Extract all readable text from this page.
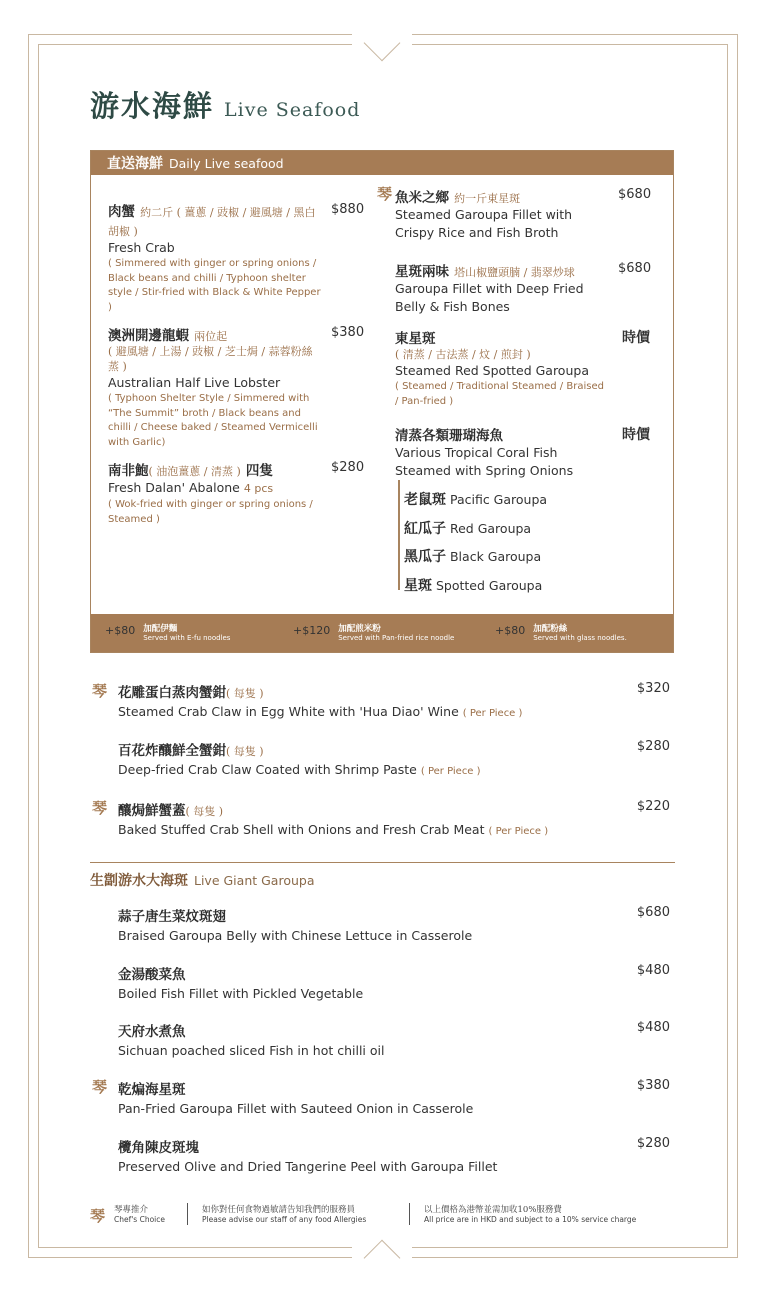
游水海鮮 Live Seafood
直送海鮮 Daily Live seafood
+$80 加配伊麵
Served with E-fu noodles
+$120 加配煎米粉
Served with Pan-fried rice noodle
+$80 加配粉絲
Served with glass noodles.
肉蟹 約二斤 ( 薑蔥 / 豉椒 / 避風塘 / 黑白胡椒 )
Fresh Crab
( Simmered with ginger or spring onions / Black beans and chilli / Typhoon shelter style / Stir-fried with Black & White Pepper )
$880
澳洲開邊龍蝦 兩位起
( 避風塘 / 上湯 / 豉椒 / 芝士焗 / 蒜蓉粉絲蒸 )
Australian Half Live Lobster
( Typhoon Shelter Style / Simmered with “The Summit” broth / Black beans and chilli / Cheese baked / Steamed Vermicelli with Garlic)
$380
南非鮑( 油泡薑蔥 / 清蒸 ) 四隻
Fresh Dalan' Abalone 4 pcs
( Wok-fried with ginger or spring onions / Steamed )
$280
琴 魚米之鄉 約一斤東星斑
Steamed Garoupa Fillet with Crispy Rice and Fish Broth
$680
星斑兩味 塔山椒鹽頭腩 / 翡翠炒球
Garoupa Fillet with Deep Fried Belly & Fish Bones
$680
東星斑
( 清蒸 / 古法蒸 / 炆 / 煎封 )
Steamed Red Spotted Garoupa
( Steamed / Traditional Steamed / Braised / Pan-fried )
時價
清蒸各類珊瑚海魚
Various Tropical Coral Fish Steamed with Spring Onions
時價
老鼠斑 Pacific Garoupa
紅瓜子 Red Garoupa
黑瓜子 Black Garoupa
星斑 Spotted Garoupa
琴 花雕蛋白蒸肉蟹鉗( 每隻 )
Steamed Crab Claw in Egg White with 'Hua Diao' Wine ( Per Piece )
$320
百花炸釀鮮全蟹鉗( 每隻 )
Deep-fried Crab Claw Coated with Shrimp Paste ( Per Piece )
$280
琴 釀焗鮮蟹蓋( 每隻 )
Baked Stuffed Crab Shell with Onions and Fresh Crab Meat ( Per Piece )
$220
生劏游水大海斑 Live Giant Garoupa
蒜子唐生菜炆斑翅
Braised Garoupa Belly with Chinese Lettuce in Casserole
$680
金湯酸菜魚
Boiled Fish Fillet with Pickled Vegetable
$480
天府水煮魚
Sichuan poached sliced Fish in hot chilli oil
$480
琴 乾煸海星斑
Pan-Fried Garoupa Fillet with Sauteed Onion in Casserole
$380
欖角陳皮斑塊
Preserved Olive and Dried Tangerine Peel with Garoupa Fillet
$280
琴 琴專推介
Chef's Choice
如你對任何食物過敏請告知我們的服務員
Please advise our staff of any food Allergies
以上價格為港幣並需加收10%服務費
All price are in HKD and subject to a 10% service charge
